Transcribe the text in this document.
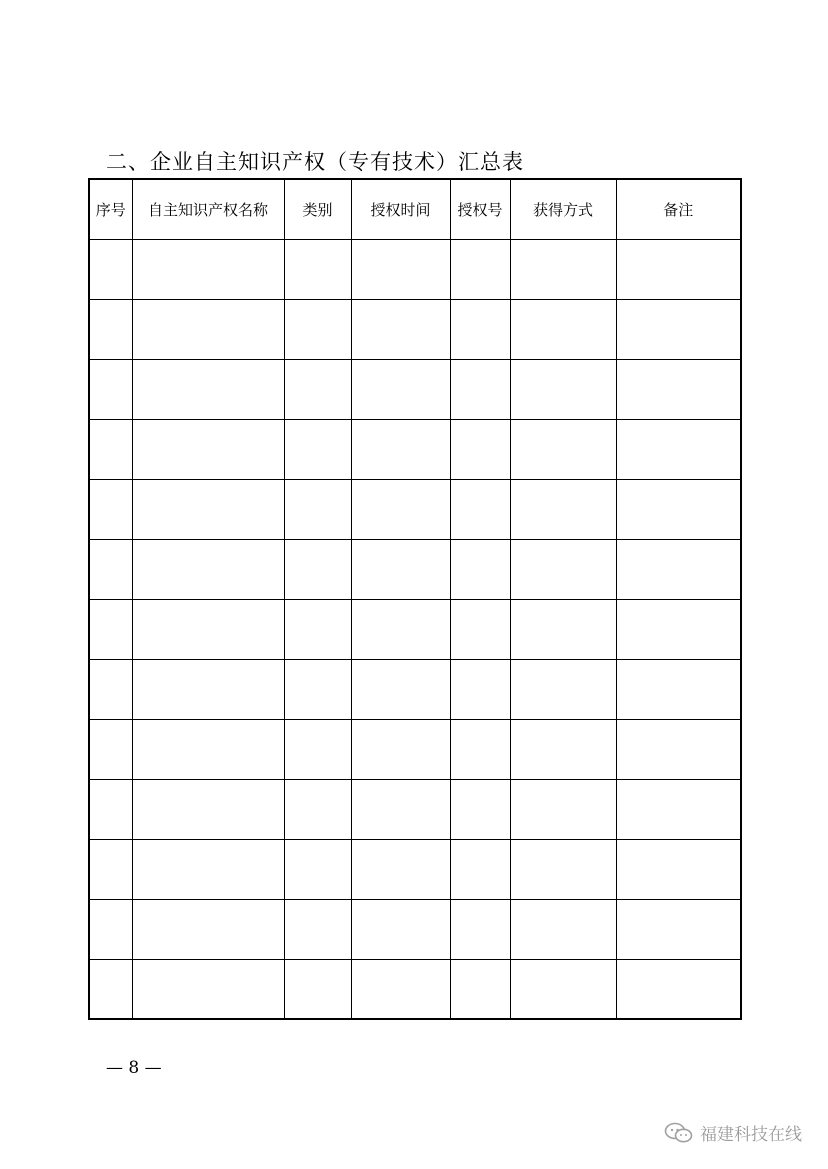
二、企业自主知识产权（专有技术）汇总表
序号	自主知识产权名称	类别	授权时间	授权号	获得方式	备注

— 8 —
福建科技在线
